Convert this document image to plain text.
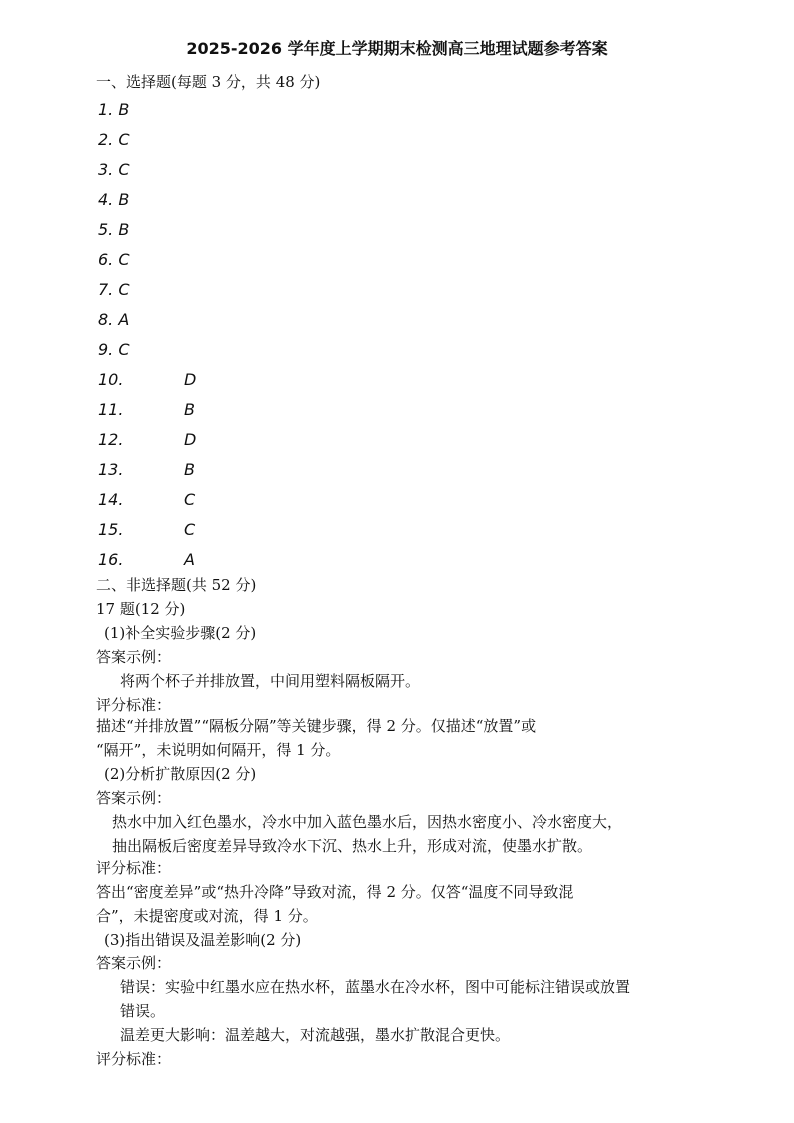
2025-2026 学年度上学期期末检测高三地理试题参考答案
一、选择题(每题 3 分，共 48 分)
1. B
2. C
3. C
4. B
5. B
6. C
7. C
8. A
9. C
10.	D
11.	B
12.	D
13.	B
14.	C
15.	C
16.	A
二、非选择题(共 52 分)
17 题(12 分)
(1)补全实验步骤(2 分)
答案示例：
将两个杯子并排放置，中间用塑料隔板隔开。
评分标准：
描述“并排放置”“隔板分隔”等关键步骤，得 2 分。仅描述“放置”或
“隔开”，未说明如何隔开，得 1 分。
(2)分析扩散原因(2 分)
答案示例：
热水中加入红色墨水，冷水中加入蓝色墨水后，因热水密度小、冷水密度大，
抽出隔板后密度差异导致冷水下沉、热水上升，形成对流，使墨水扩散。
评分标准：
答出“密度差异”或“热升冷降”导致对流，得 2 分。仅答“温度不同导致混
合”，未提密度或对流，得 1 分。
(3)指出错误及温差影响(2 分)
答案示例：
错误：实验中红墨水应在热水杯，蓝墨水在冷水杯，图中可能标注错误或放置
错误。
温差更大影响：温差越大，对流越强，墨水扩散混合更快。
评分标准：
